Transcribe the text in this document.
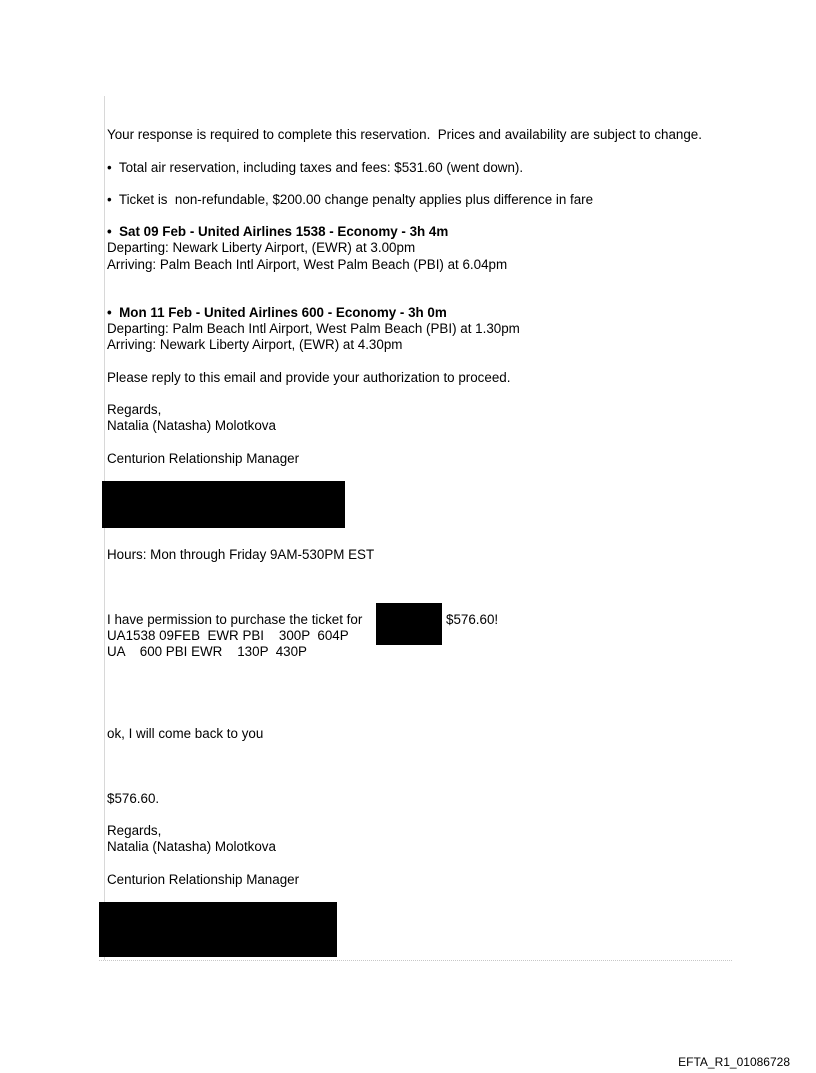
Your response is required to complete this reservation.  Prices and availability are subject to change.
•  Total air reservation, including taxes and fees: $531.60 (went down).
•  Ticket is  non-refundable, $200.00 change penalty applies plus difference in fare
•  Sat 09 Feb - United Airlines 1538 - Economy - 3h 4m
Departing: Newark Liberty Airport, (EWR) at 3.00pm
Arriving: Palm Beach Intl Airport, West Palm Beach (PBI) at 6.04pm
•  Mon 11 Feb - United Airlines 600 - Economy - 3h 0m
Departing: Palm Beach Intl Airport, West Palm Beach (PBI) at 1.30pm
Arriving: Newark Liberty Airport, (EWR) at 4.30pm
Please reply to this email and provide your authorization to proceed.
Regards,
Natalia (Natasha) Molotkova
Centurion Relationship Manager
Hours: Mon through Friday 9AM-530PM EST
I have permission to purchase the ticket for	$576.60!
UA1538 09FEB  EWR PBI    300P  604P
UA    600 PBI EWR    130P  430P
ok, I will come back to you
$576.60.
Regards,
Natalia (Natasha) Molotkova
Centurion Relationship Manager
EFTA_R1_01086728
